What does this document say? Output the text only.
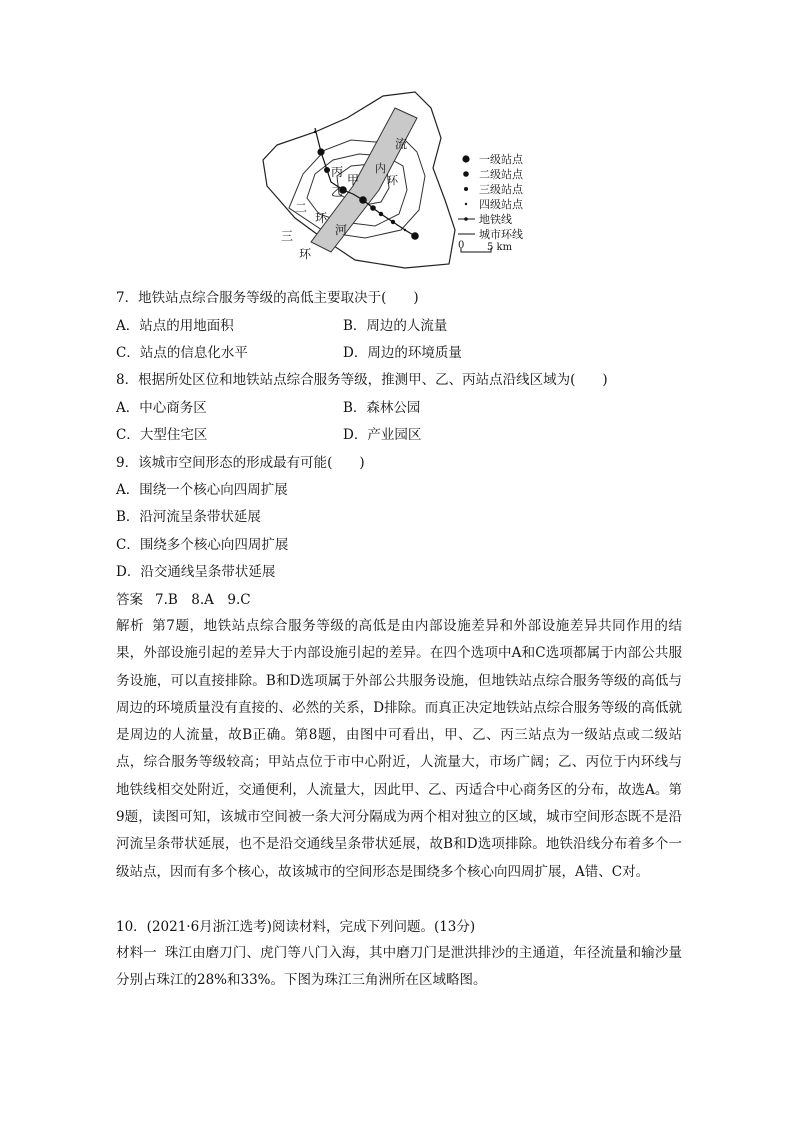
流
内
环
丙
甲
乙
二
环
河
三
环
一级站点
二级站点
三级站点
四级站点
地铁线
城市环线
0 5 km
7．地铁站点综合服务等级的高低主要取决于(　　)
A．站点的用地面积	B．周边的人流量
C．站点的信息化水平	D．周边的环境质量
8．根据所处区位和地铁站点综合服务等级，推测甲、乙、丙站点沿线区域为(　　)
A．中心商务区	B．森林公园
C．大型住宅区	D．产业园区
9．该城市空间形态的形成最有可能(　　)
A．围绕一个核心向四周扩展
B．沿河流呈条带状延展
C．围绕多个核心向四周扩展
D．沿交通线呈条带状延展
答案 7.B　8.A　9.C
解析 第7题，地铁站点综合服务等级的高低是由内部设施差异和外部设施差异共同作用的结果，外部设施引起的差异大于内部设施引起的差异。在四个选项中A和C选项都属于内部公共服务设施，可以直接排除。B和D选项属于外部公共服务设施，但地铁站点综合服务等级的高低与周边的环境质量没有直接的、必然的关系，D排除。而真正决定地铁站点综合服务等级的高低就是周边的人流量，故B正确。第8题，由图中可看出，甲、乙、丙三站点为一级站点或二级站点，综合服务等级较高；甲站点位于市中心附近，人流量大，市场广阔；乙、丙位于内环线与地铁线相交处附近，交通便利，人流量大，因此甲、乙、丙适合中心商务区的分布，故选A。第9题，读图可知，该城市空间被一条大河分隔成为两个相对独立的区域，城市空间形态既不是沿河流呈条带状延展，也不是沿交通线呈条带状延展，故B和D选项排除。地铁沿线分布着多个一级站点，因而有多个核心，故该城市的空间形态是围绕多个核心向四周扩展，A错、C对。
10．(2021·6月浙江选考)阅读材料，完成下列问题。(13分)
材料一 珠江由磨刀门、虎门等八门入海，其中磨刀门是泄洪排沙的主通道，年径流量和输沙量分别占珠江的28%和33%。下图为珠江三角洲所在区域略图。
